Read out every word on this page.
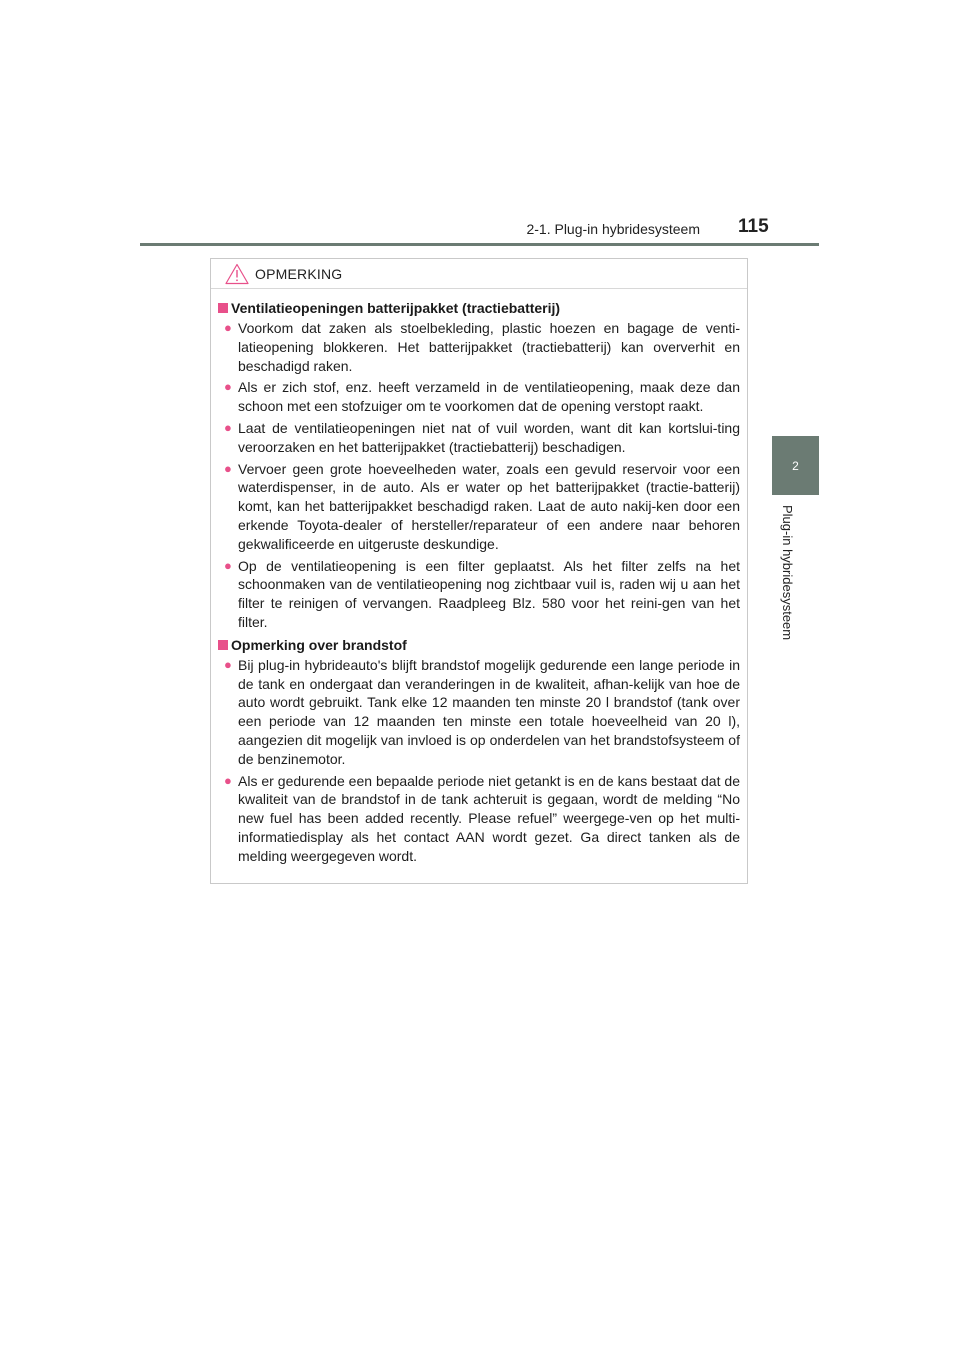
2-1. Plug-in hybridesysteem 115
2
Plug-in hybridesysteem
OPMERKING
Ventilatieopeningen batterijpakket (tractiebatterij)
● Voorkom dat zaken als stoelbekleding, plastic hoezen en bagage de venti-latieopening blokkeren. Het batterijpakket (tractiebatterij) kan oververhit en beschadigd raken.
● Als er zich stof, enz. heeft verzameld in de ventilatieopening, maak deze dan schoon met een stofzuiger om te voorkomen dat de opening verstopt raakt.
● Laat de ventilatieopeningen niet nat of vuil worden, want dit kan kortslui-ting veroorzaken en het batterijpakket (tractiebatterij) beschadigen.
● Vervoer geen grote hoeveelheden water, zoals een gevuld reservoir voor een waterdispenser, in de auto. Als er water op het batterijpakket (tractie-batterij) komt, kan het batterijpakket beschadigd raken. Laat de auto nakij-ken door een erkende Toyota-dealer of hersteller/reparateur of een andere naar behoren gekwalificeerde en uitgeruste deskundige.
● Op de ventilatieopening is een filter geplaatst. Als het filter zelfs na het schoonmaken van de ventilatieopening nog zichtbaar vuil is, raden wij u aan het filter te reinigen of vervangen. Raadpleeg Blz. 580 voor het reini-gen van het filter.
Opmerking over brandstof
● Bij plug-in hybrideauto's blijft brandstof mogelijk gedurende een lange periode in de tank en ondergaat dan veranderingen in de kwaliteit, afhan-kelijk van hoe de auto wordt gebruikt. Tank elke 12 maanden ten minste 20 l brandstof (tank over een periode van 12 maanden ten minste een totale hoeveelheid van 20 l), aangezien dit mogelijk van invloed is op onderdelen van het brandstofsysteem of de benzinemotor.
● Als er gedurende een bepaalde periode niet getankt is en de kans bestaat dat de kwaliteit van de brandstof in de tank achteruit is gegaan, wordt de melding “No new fuel has been added recently. Please refuel” weergege-ven op het multi-informatiedisplay als het contact AAN wordt gezet. Ga direct tanken als de melding weergegeven wordt.
